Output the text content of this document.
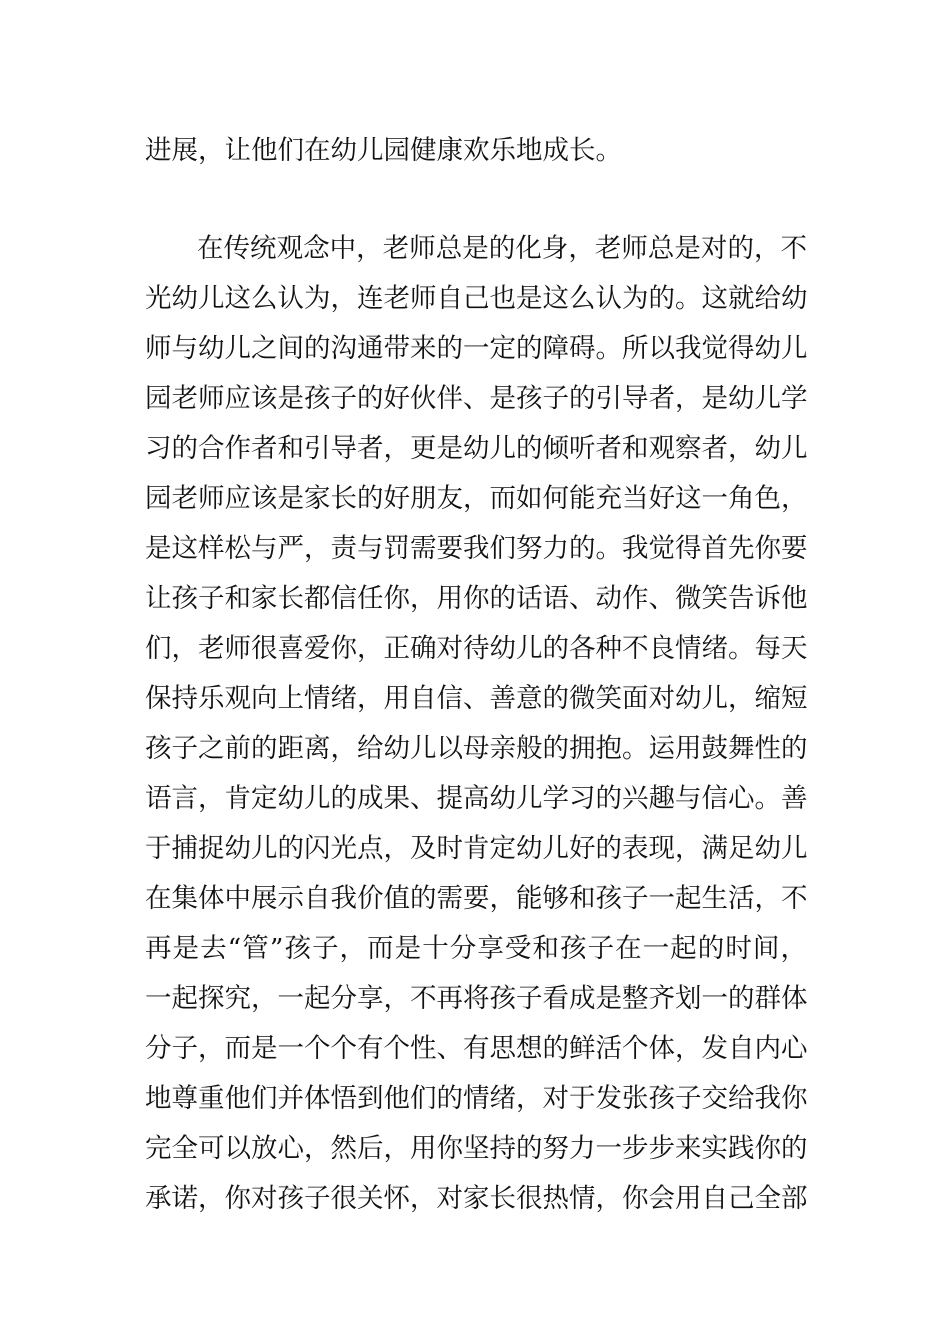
进展，让他们在幼儿园健康欢乐地成长。
在传统观念中，老师总是的化身，老师总是对的，不
光幼儿这么认为，连老师自己也是这么认为的。这就给幼
师与幼儿之间的沟通带来的一定的障碍。所以我觉得幼儿
园老师应该是孩子的好伙伴、是孩子的引导者，是幼儿学
习的合作者和引导者，更是幼儿的倾听者和观察者，幼儿
园老师应该是家长的好朋友，而如何能充当好这一角色，
是这样松与严，责与罚需要我们努力的。我觉得首先你要
让孩子和家长都信任你，用你的话语、动作、微笑告诉他
们，老师很喜爱你，正确对待幼儿的各种不良情绪。每天
保持乐观向上情绪，用自信、善意的微笑面对幼儿，缩短
孩子之前的距离，给幼儿以母亲般的拥抱。运用鼓舞性的
语言，肯定幼儿的成果、提高幼儿学习的兴趣与信心。善
于捕捉幼儿的闪光点，及时肯定幼儿好的表现，满足幼儿
在集体中展示自我价值的需要，能够和孩子一起生活，不
再是去“管”孩子，而是十分享受和孩子在一起的时间，
一起探究，一起分享，不再将孩子看成是整齐划一的群体
分子，而是一个个有个性、有思想的鲜活个体，发自内心
地尊重他们并体悟到他们的情绪，对于发张孩子交给我你
完全可以放心，然后，用你坚持的努力一步步来实践你的
承诺，你对孩子很关怀，对家长很热情，你会用自己全部
